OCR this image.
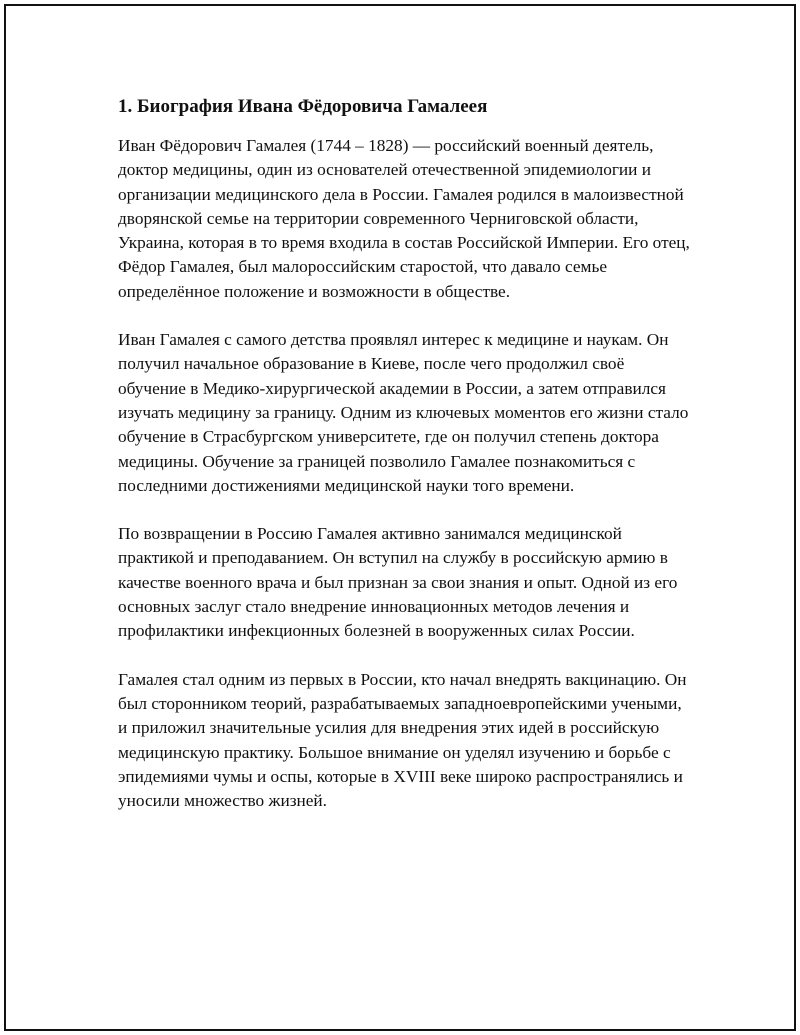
1. Биография Ивана Фёдоровича Гамалеея

Иван Фёдорович Гамалея (1744 – 1828) — российский военный деятель, доктор медицины, один из основателей отечественной эпидемиологии и организации медицинского дела в России. Гамалея родился в малоизвестной дворянской семье на территории современного Черниговской области, Украина, которая в то время входила в состав Российской Империи. Его отец, Фёдор Гамалея, был малороссийским старостой, что давало семье определённое положение и возможности в обществе.

Иван Гамалея с самого детства проявлял интерес к медицине и наукам. Он получил начальное образование в Киеве, после чего продолжил своё обучение в Медико-хирургической академии в России, а затем отправился изучать медицину за границу. Одним из ключевых моментов его жизни стало обучение в Страсбургском университете, где он получил степень доктора медицины. Обучение за границей позволило Гамалее познакомиться с последними достижениями медицинской науки того времени.

По возвращении в Россию Гамалея активно занимался медицинской практикой и преподаванием. Он вступил на службу в российскую армию в качестве военного врача и был признан за свои знания и опыт. Одной из его основных заслуг стало внедрение инновационных методов лечения и профилактики инфекционных болезней в вооруженных силах России.

Гамалея стал одним из первых в России, кто начал внедрять вакцинацию. Он был сторонником теорий, разрабатываемых западноевропейскими учеными, и приложил значительные усилия для внедрения этих идей в российскую медицинскую практику. Большое внимание он уделял изучению и борьбе с эпидемиями чумы и оспы, которые в XVIII веке широко распространялись и уносили множество жизней.
